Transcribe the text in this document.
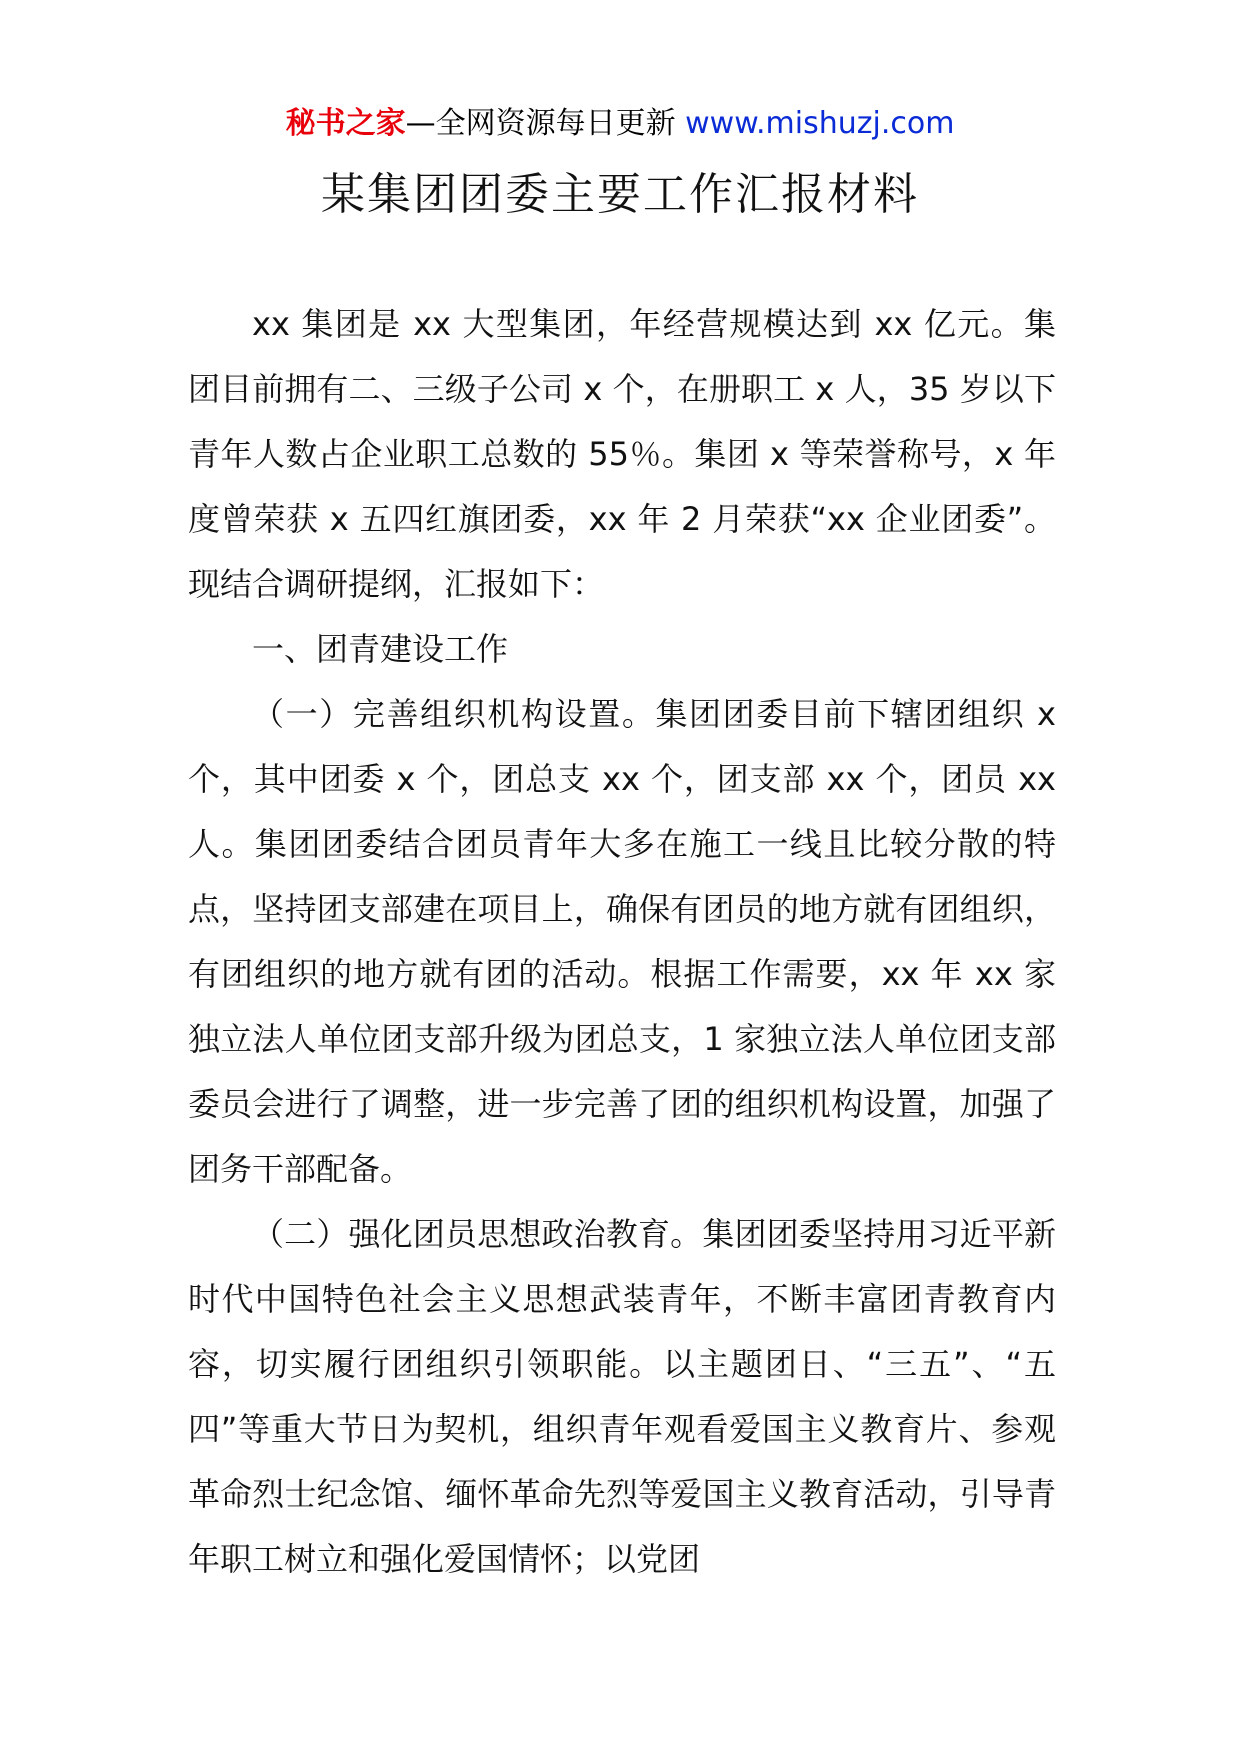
秘书之家—全网资源每日更新 www.mishuzj.com
某集团团委主要工作汇报材料

xx 集团是 xx 大型集团，年经营规模达到 xx 亿元。集团目前拥有二、三级子公司 x 个，在册职工 x 人，35 岁以下青年人数占企业职工总数的 55％。集团 x 等荣誉称号，x 年度曾荣获 x 五四红旗团委，xx 年 2 月荣获“xx 企业团委”。现结合调研提纲，汇报如下：

一、团青建设工作

（一）完善组织机构设置。集团团委目前下辖团组织 x 个，其中团委 x 个，团总支 xx 个，团支部 xx 个，团员 xx 人。集团团委结合团员青年大多在施工一线且比较分散的特点，坚持团支部建在项目上，确保有团员的地方就有团组织，有团组织的地方就有团的活动。根据工作需要，xx 年 xx 家独立法人单位团支部升级为团总支，1 家独立法人单位团支部委员会进行了调整，进一步完善了团的组织机构设置，加强了团务干部配备。

（二）强化团员思想政治教育。集团团委坚持用习近平新时代中国特色社会主义思想武装青年，不断丰富团青教育内容，切实履行团组织引领职能。以主题团日、“三五”、“五四”等重大节日为契机，组织青年观看爱国主义教育片、参观革命烈士纪念馆、缅怀革命先烈等爱国主义教育活动，引导青年职工树立和强化爱国情怀；以党团
